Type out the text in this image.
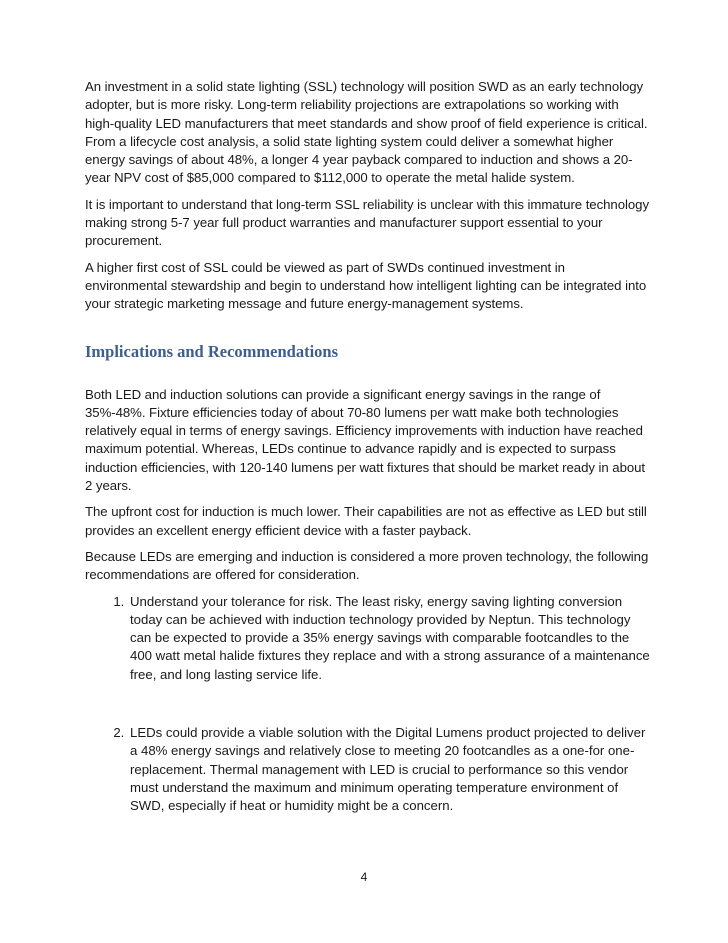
An investment in a solid state lighting (SSL) technology will position SWD as an early technology adopter, but is more risky. Long-term reliability projections are extrapolations so working with high-quality LED manufacturers that meet standards and show proof of field experience is critical. From a lifecycle cost analysis, a solid state lighting system could deliver a somewhat higher energy savings of about 48%, a longer 4 year payback compared to induction and shows a 20-year NPV cost of $85,000 compared to $112,000 to operate the metal halide system.

It is important to understand that long-term SSL reliability is unclear with this immature technology making strong 5-7 year full product warranties and manufacturer support essential to your procurement.

A higher first cost of SSL could be viewed as part of SWDs continued investment in environmental stewardship and begin to understand how intelligent lighting can be integrated into your strategic marketing message and future energy-management systems.

Implications and Recommendations

Both LED and induction solutions can provide a significant energy savings in the range of 35%-48%. Fixture efficiencies today of about 70-80 lumens per watt make both technologies relatively equal in terms of energy savings. Efficiency improvements with induction have reached maximum potential. Whereas, LEDs continue to advance rapidly and is expected to surpass induction efficiencies, with 120-140 lumens per watt fixtures that should be market ready in about 2 years.

The upfront cost for induction is much lower. Their capabilities are not as effective as LED but still provides an excellent energy efficient device with a faster payback.

Because LEDs are emerging and induction is considered a more proven technology, the following recommendations are offered for consideration.

1. Understand your tolerance for risk. The least risky, energy saving lighting conversion today can be achieved with induction technology provided by Neptun. This technology can be expected to provide a 35% energy savings with comparable footcandles to the 400 watt metal halide fixtures they replace and with a strong assurance of a maintenance free, and long lasting service life.
2. LEDs could provide a viable solution with the Digital Lumens product projected to deliver a 48% energy savings and relatively close to meeting 20 footcandles as a one-for one-replacement. Thermal management with LED is crucial to performance so this vendor must understand the maximum and minimum operating temperature environment of SWD, especially if heat or humidity might be a concern.
4
